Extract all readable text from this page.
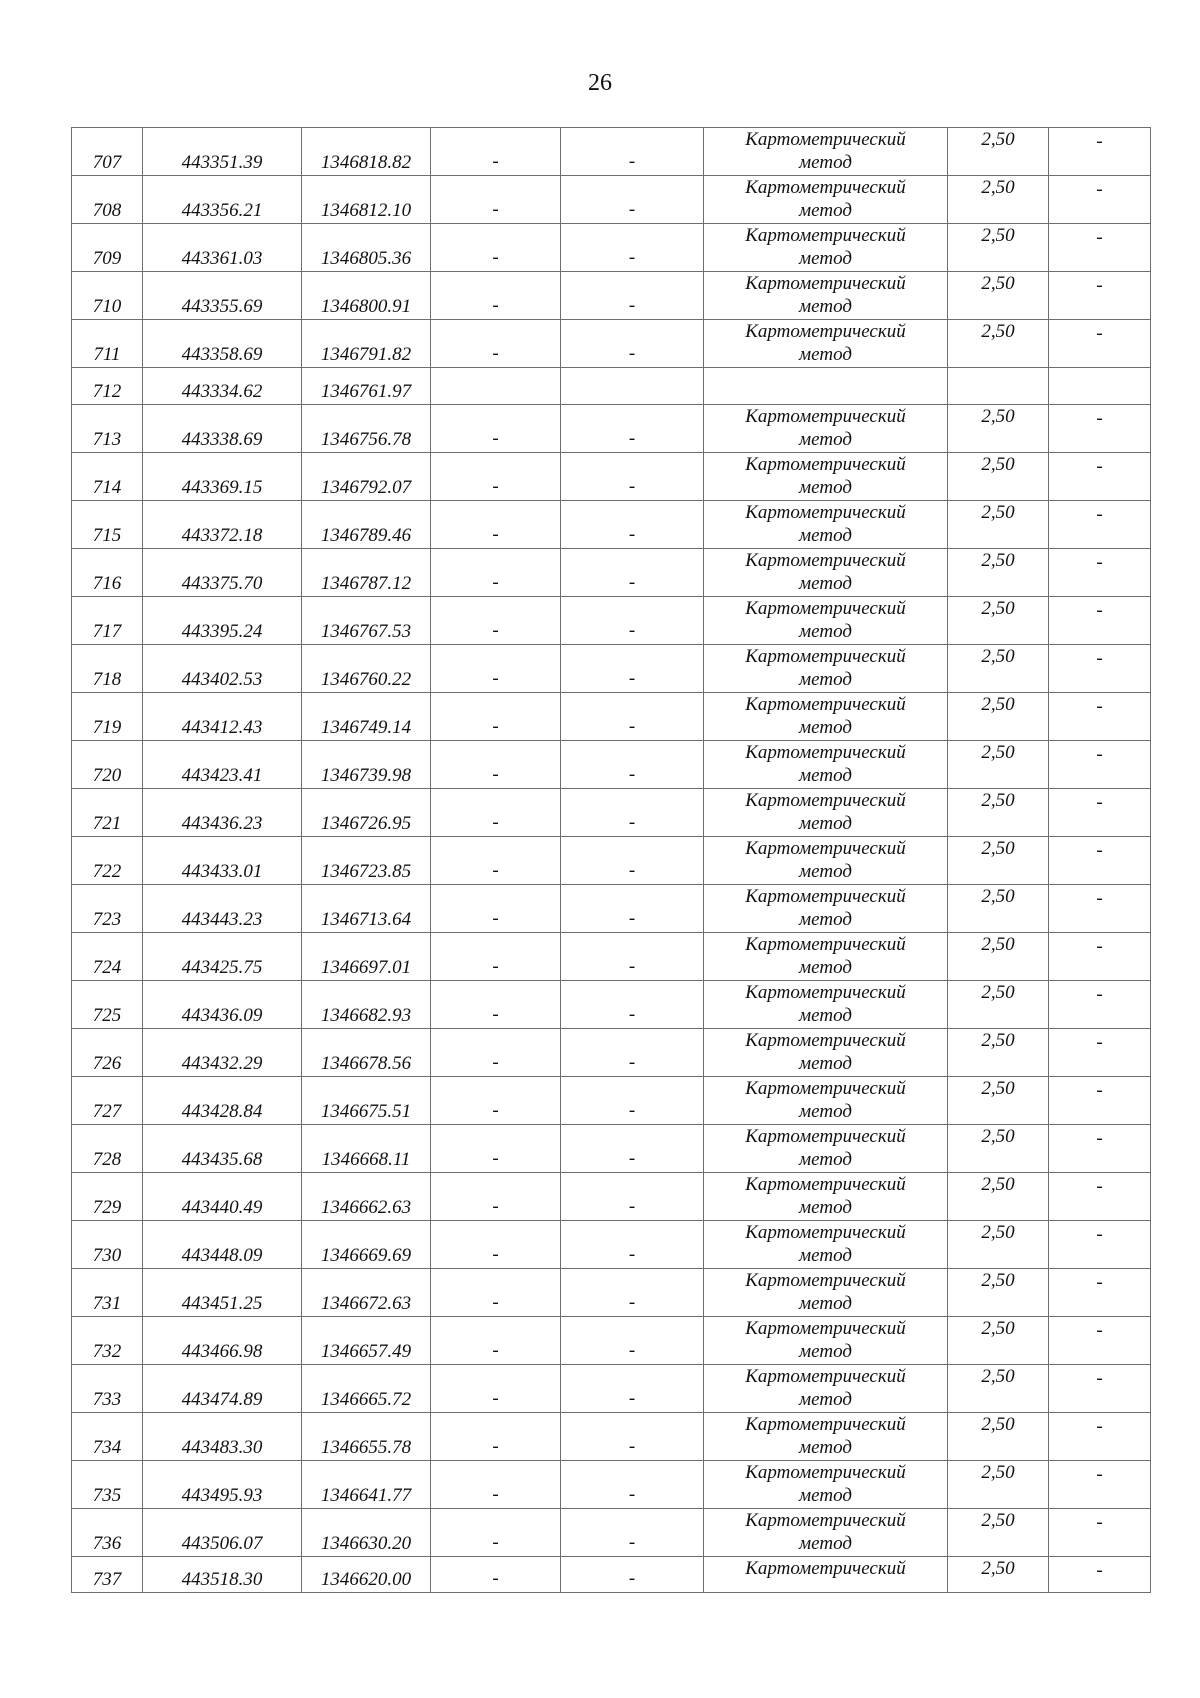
26
707	443351.39	1346818.82	-	-	Картометрический
метод	2,50	-
708	443356.21	1346812.10	-	-	Картометрический
метод	2,50	-
709	443361.03	1346805.36	-	-	Картометрический
метод	2,50	-
710	443355.69	1346800.91	-	-	Картометрический
метод	2,50	-
711	443358.69	1346791.82	-	-	Картометрический
метод	2,50	-
712	443334.62	1346761.97			

713	443338.69	1346756.78	-	-	Картометрический
метод	2,50	-
714	443369.15	1346792.07	-	-	Картометрический
метод	2,50	-
715	443372.18	1346789.46	-	-	Картометрический
метод	2,50	-
716	443375.70	1346787.12	-	-	Картометрический
метод	2,50	-
717	443395.24	1346767.53	-	-	Картометрический
метод	2,50	-
718	443402.53	1346760.22	-	-	Картометрический
метод	2,50	-
719	443412.43	1346749.14	-	-	Картометрический
метод	2,50	-
720	443423.41	1346739.98	-	-	Картометрический
метод	2,50	-
721	443436.23	1346726.95	-	-	Картометрический
метод	2,50	-
722	443433.01	1346723.85	-	-	Картометрический
метод	2,50	-
723	443443.23	1346713.64	-	-	Картометрический
метод	2,50	-
724	443425.75	1346697.01	-	-	Картометрический
метод	2,50	-
725	443436.09	1346682.93	-	-	Картометрический
метод	2,50	-
726	443432.29	1346678.56	-	-	Картометрический
метод	2,50	-
727	443428.84	1346675.51	-	-	Картометрический
метод	2,50	-
728	443435.68	1346668.11	-	-	Картометрический
метод	2,50	-
729	443440.49	1346662.63	-	-	Картометрический
метод	2,50	-
730	443448.09	1346669.69	-	-	Картометрический
метод	2,50	-
731	443451.25	1346672.63	-	-	Картометрический
метод	2,50	-
732	443466.98	1346657.49	-	-	Картометрический
метод	2,50	-
733	443474.89	1346665.72	-	-	Картометрический
метод	2,50	-
734	443483.30	1346655.78	-	-	Картометрический
метод	2,50	-
735	443495.93	1346641.77	-	-	Картометрический
метод	2,50	-
736	443506.07	1346630.20	-	-	Картометрический
метод	2,50	-
737	443518.30	1346620.00	-	-	Картометрический	2,50	-
